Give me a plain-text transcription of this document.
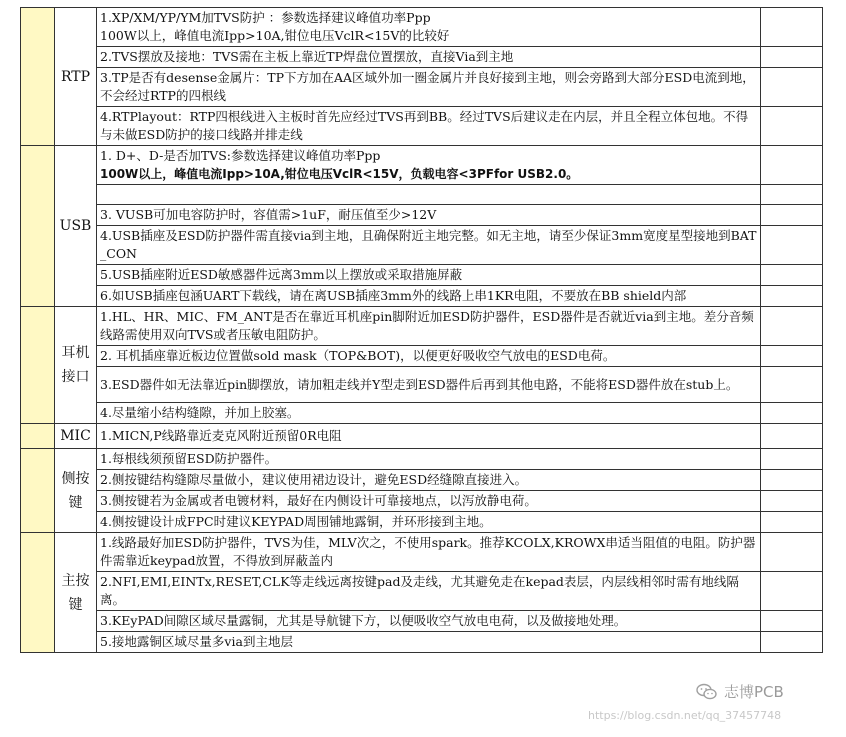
	RTP	1.XP/XM/YP/YM加TVS防护 ：参数选择建议峰值功率Ppp
100W以上，峰值电流Ipp>10A,钳位电压VclR<15V的比较好	
		2.TVS摆放及接地：TVS需在主板上靠近TP焊盘位置摆放，直接Via到主地	
		3.TP是否有desense金属片：TP下方加在AA区域外加一圈金属片并良好接到主地，则会旁路到大部分ESD电流到地，不会经过RTP的四根线	
		4.RTPlayout：RTP四根线进入主板时首先应经过TVS再到BB。经过TVS后建议走在内层，并且全程立体包地。不得与未做ESD防护的接口线路并排走线	
	USB	1. D+、D-是否加TVS:参数选择建议峰值功率Ppp
100W以上，峰值电流Ipp>10A,钳位电压VclR<15V，负载电容<3PFfor USB2.0。	

		3. VUSB可加电容防护时，容值需>1uF，耐压值至少>12V	
		4.USB插座及ESD防护器件需直接via到主地，且确保附近主地完整。如无主地，请至少保证3mm宽度星型接地到BAT_CON	
		5.USB插座附近ESD敏感器件远离3mm以上摆放或采取措施屏蔽	
		6.如USB插座包涵UART下载线，请在离USB插座3mm外的线路上串1KR电阻，不要放在BB shield内部	
	耳机接口	1.HL、HR、MIC、FM_ANT是否在靠近耳机座pin脚附近加ESD防护器件，ESD器件是否就近via到主地。差分音频线路需使用双向TVS或者压敏电阻防护。	
		2. 耳机插座靠近板边位置做sold mask（TOP&BOT)，以便更好吸收空气放电的ESD电荷。	
		3.ESD器件如无法靠近pin脚摆放，请加粗走线并Y型走到ESD器件后再到其他电路，不能将ESD器件放在stub上。	
		4.尽量缩小结构缝隙，并加上胶塞。	
	MIC	1.MICN,P线路靠近麦克风附近预留0R电阻	
	侧按键	1.每根线须预留ESD防护器件。	
		2.侧按键结构缝隙尽量做小，建议使用裙边设计，避免ESD经缝隙直接进入。	
		3.侧按键若为金属或者电镀材料，最好在内侧设计可靠接地点，以泻放静电荷。	
		4.侧按键设计成FPC时建议KEYPAD周围铺地露铜，并环形接到主地。	
	主按键	1.线路最好加ESD防护器件，TVS为佳，MLV次之，不使用spark。推荐KCOLX,KROWX串适当阻值的电阻。防护器件需靠近keypad放置，不得放到屏蔽盖内	
		2.NFI,EMI,EINTx,RESET,CLK等走线远离按键pad及走线，尤其避免走在kepad表层，内层线相邻时需有地线隔离。	
		3.KEyPAD间隙区域尽量露铜，尤其是导航键下方，以便吸收空气放电电荷，以及做接地处理。	
		5.接地露铜区域尽量多via到主地层	
志博PCB
https://blog.csdn.net/qq_37457748
